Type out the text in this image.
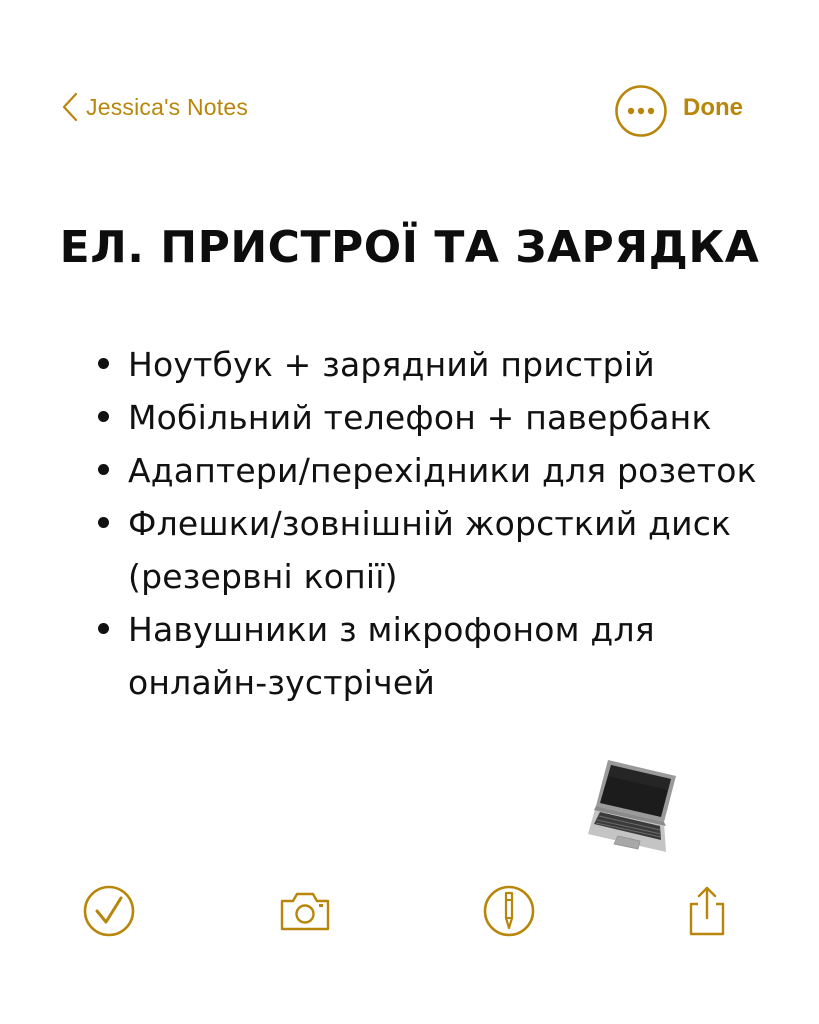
Jessica's Notes	Done
ЕЛ. ПРИСТРОЇ ТА ЗАРЯДКА
Ноутбук + зарядний пристрій
Мобільний телефон + павербанк
Адаптери/перехідники для розеток
Флешки/зовнішній жорсткий диск (резервні копії)
Навушники з мікрофоном для онлайн-зустрічей
